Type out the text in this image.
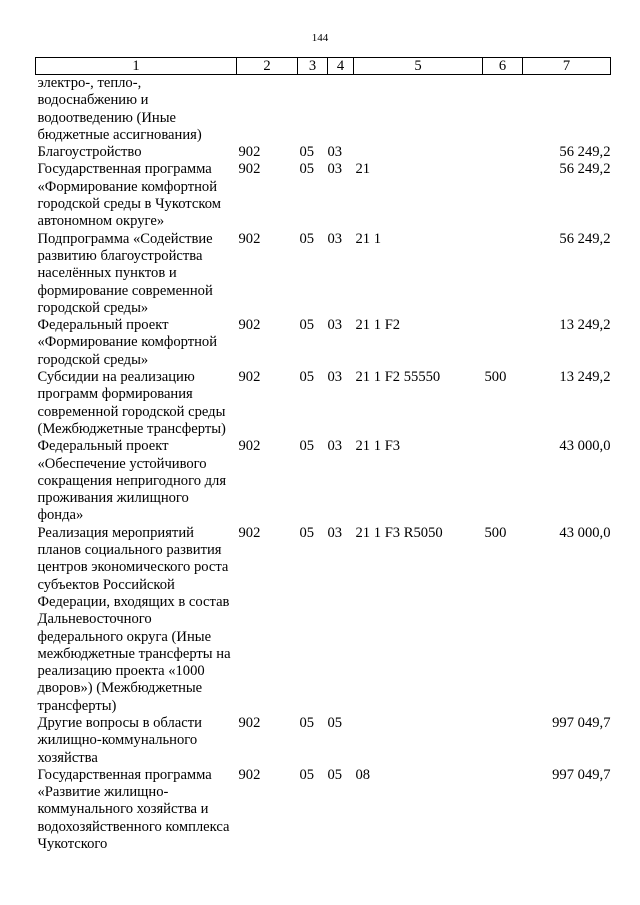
144
1	2	3	4	5	6	7
электро-, тепло-, водоснабжению и водоотведению (Иные бюджетные ассигнования)						
Благоустройство	902	05	03			56 249,2
Государственная программа «Формирование комфортной городской среды в Чукотском автономном округе»	902	05	03	21		56 249,2
Подпрограмма «Содействие развитию благоустройства населённых пунктов и формирование современной городской среды»	902	05	03	21 1		56 249,2
Федеральный проект «Формирование комфортной городской среды»	902	05	03	21 1 F2		13 249,2
Субсидии на реализацию программ формирования современной городской среды (Межбюджетные трансферты)	902	05	03	21 1 F2 55550	500	13 249,2
Федеральный проект «Обеспечение устойчивого сокращения непригодного для проживания жилищного фонда»	902	05	03	21 1 F3		43 000,0
Реализация мероприятий планов социального развития центров экономического роста субъектов Российской Федерации, входящих в состав Дальневосточного федерального округа (Иные межбюджетные трансферты на реализацию проекта «1000 дворов») (Межбюджетные трансферты)	902	05	03	21 1 F3 R5050	500	43 000,0
Другие вопросы в области жилищно-коммунального хозяйства	902	05	05			997 049,7
Государственная программа «Развитие жилищно-коммунального хозяйства и водохозяйственного комплекса Чукотского	902	05	05	08		997 049,7
